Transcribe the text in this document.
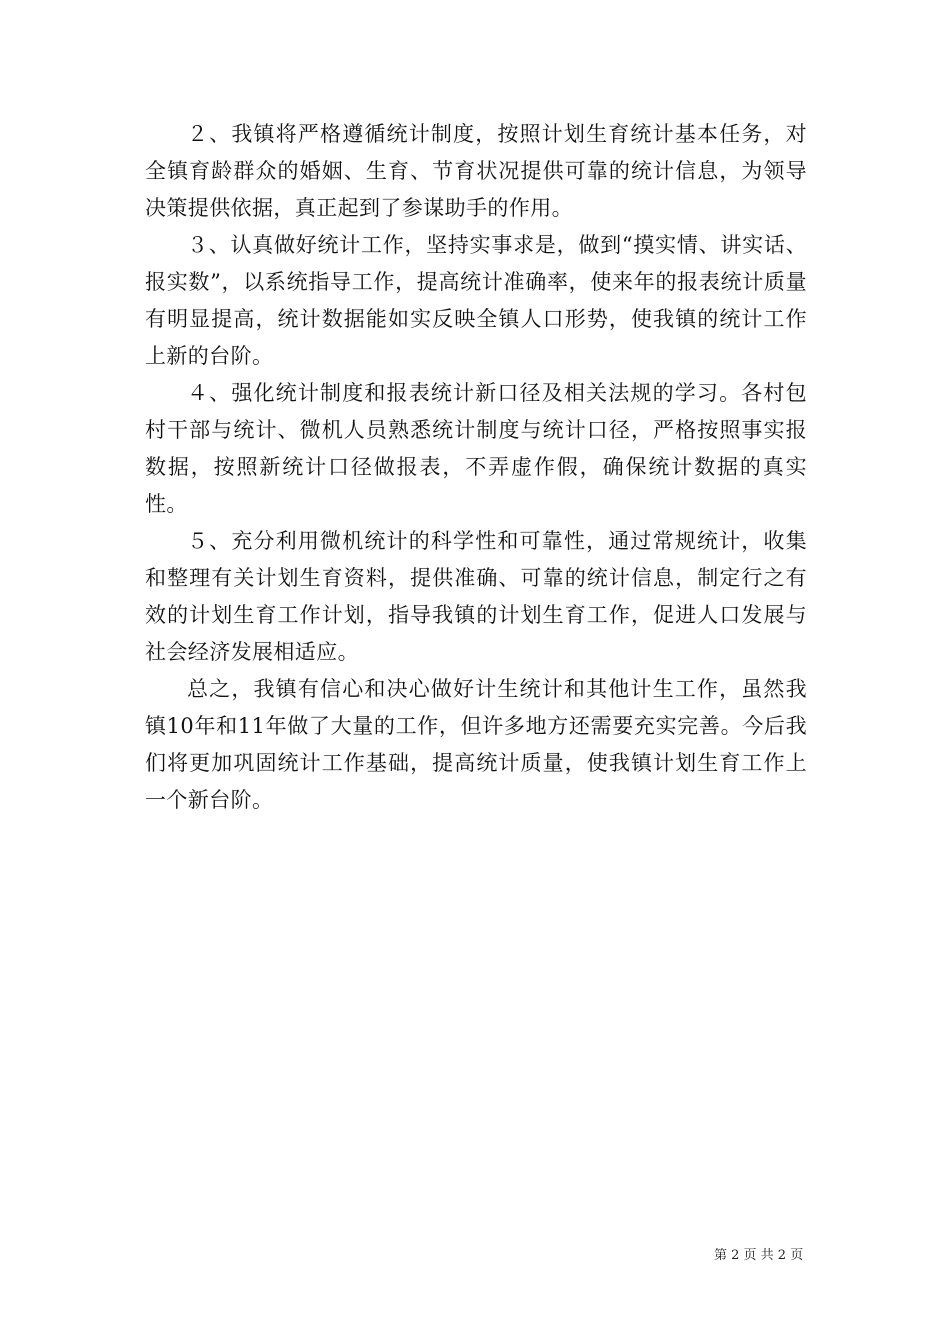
２、我镇将严格遵循统计制度，按照计划生育统计基本任务，对全镇育龄群众的婚姻、生育、节育状况提供可靠的统计信息，为领导决策提供依据，真正起到了参谋助手的作用。

３、认真做好统计工作，坚持实事求是，做到“摸实情、讲实话、报实数”，以系统指导工作，提高统计准确率，使来年的报表统计质量有明显提高，统计数据能如实反映全镇人口形势，使我镇的统计工作上新的台阶。

４、强化统计制度和报表统计新口径及相关法规的学习。各村包村干部与统计、微机人员熟悉统计制度与统计口径，严格按照事实报数据，按照新统计口径做报表，不弄虚作假，确保统计数据的真实性。

５、充分利用微机统计的科学性和可靠性，通过常规统计，收集和整理有关计划生育资料，提供准确、可靠的统计信息，制定行之有效的计划生育工作计划，指导我镇的计划生育工作，促进人口发展与社会经济发展相适应。

总之，我镇有信心和决心做好计生统计和其他计生工作，虽然我镇10年和11年做了大量的工作，但许多地方还需要充实完善。今后我们将更加巩固统计工作基础，提高统计质量，使我镇计划生育工作上一个新台阶。

第 2 页 共 2 页
